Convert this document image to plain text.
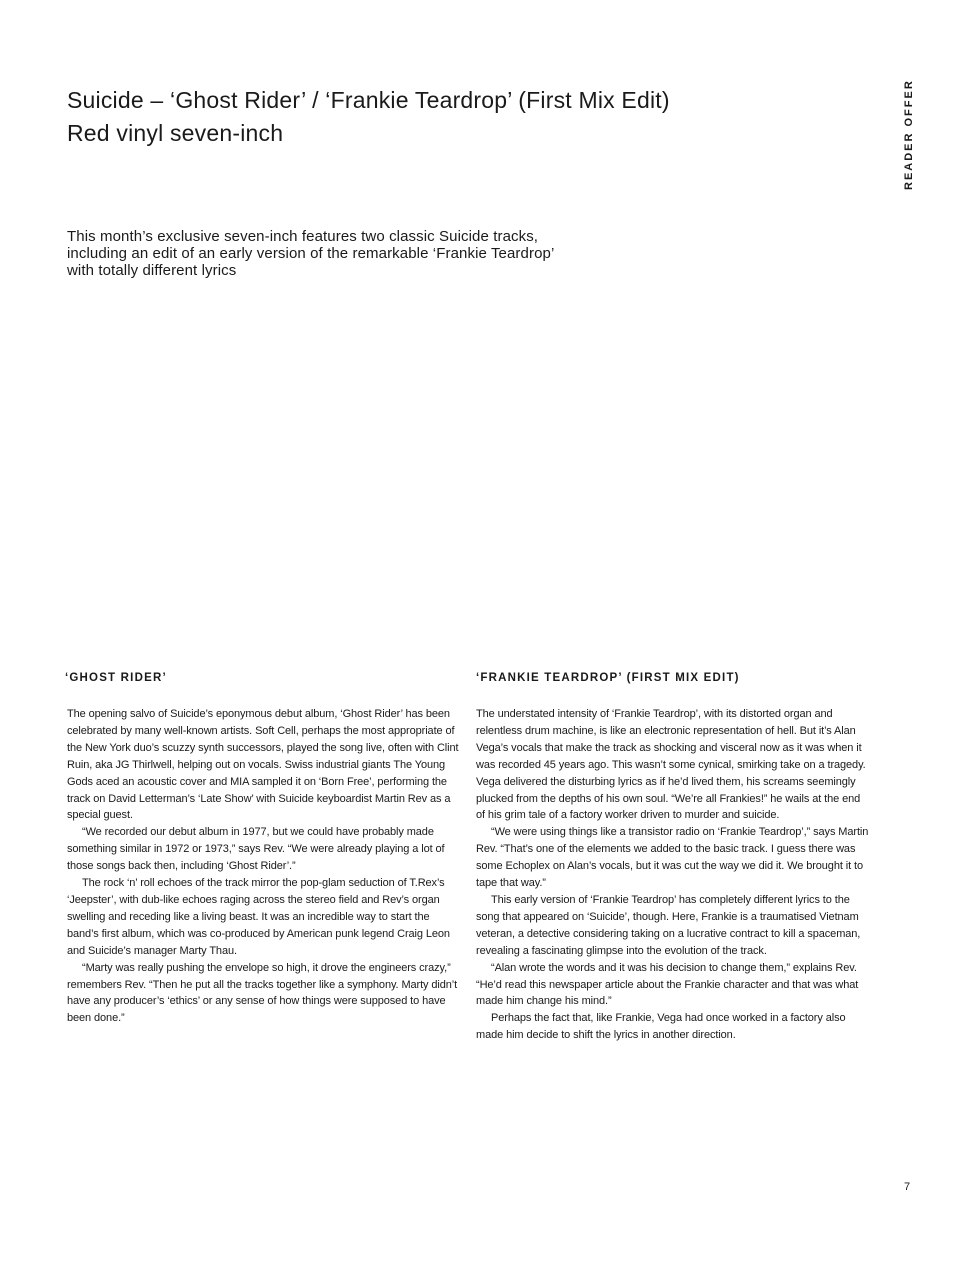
Suicide – ‘Ghost Rider’ / ‘Frankie Teardrop’ (First Mix Edit)
Red vinyl seven-inch	READER OFFER
This month’s exclusive seven-inch features two classic Suicide tracks,
including an edit of an early version of the remarkable ‘Frankie Teardrop’
with totally different lyrics
‘GHOST RIDER’

The opening salvo of Suicide’s eponymous debut album, ‘Ghost Rider’ has been celebrated by many well-known artists. Soft Cell, perhaps the most appropriate of the New York duo’s scuzzy synth successors, played the song live, often with Clint Ruin, aka JG Thirlwell, helping out on vocals. Swiss industrial giants The Young Gods aced an acoustic cover and MIA sampled it on ‘Born Free’, performing the track on David Letterman’s ‘Late Show’ with Suicide keyboardist Martin Rev as a special guest.

“We recorded our debut album in 1977, but we could have probably made something similar in 1972 or 1973,” says Rev. “We were already playing a lot of those songs back then, including ‘Ghost Rider’.”

The rock ‘n’ roll echoes of the track mirror the pop-glam seduction of T.Rex’s ‘Jeepster’, with dub-like echoes raging across the stereo field and Rev’s organ swelling and receding like a living beast. It was an incredible way to start the band’s first album, which was co-produced by American punk legend Craig Leon and Suicide’s manager Marty Thau.

“Marty was really pushing the envelope so high, it drove the engineers crazy,” remembers Rev. “Then he put all the tracks together like a symphony. Marty didn’t have any producer’s ‘ethics’ or any sense of how things were supposed to have been done.”

‘FRANKIE TEARDROP’ (FIRST MIX EDIT)

The understated intensity of ‘Frankie Teardrop’, with its distorted organ and relentless drum machine, is like an electronic representation of hell. But it’s Alan Vega’s vocals that make the track as shocking and visceral now as it was when it was recorded 45 years ago. This wasn’t some cynical, smirking take on a tragedy. Vega delivered the disturbing lyrics as if he’d lived them, his screams seemingly plucked from the depths of his own soul. “We’re all Frankies!” he wails at the end of his grim tale of a factory worker driven to murder and suicide.

“We were using things like a transistor radio on ‘Frankie Teardrop’,” says Martin Rev. “That’s one of the elements we added to the basic track. I guess there was some Echoplex on Alan’s vocals, but it was cut the way we did it. We brought it to tape that way.”

This early version of ‘Frankie Teardrop’ has completely different lyrics to the song that appeared on ‘Suicide’, though. Here, Frankie is a traumatised Vietnam veteran, a detective considering taking on a lucrative contract to kill a spaceman, revealing a fascinating glimpse into the evolution of the track.

“Alan wrote the words and it was his decision to change them,” explains Rev. “He’d read this newspaper article about the Frankie character and that was what made him change his mind.”

Perhaps the fact that, like Frankie, Vega had once worked in a factory also made him decide to shift the lyrics in another direction.

7
